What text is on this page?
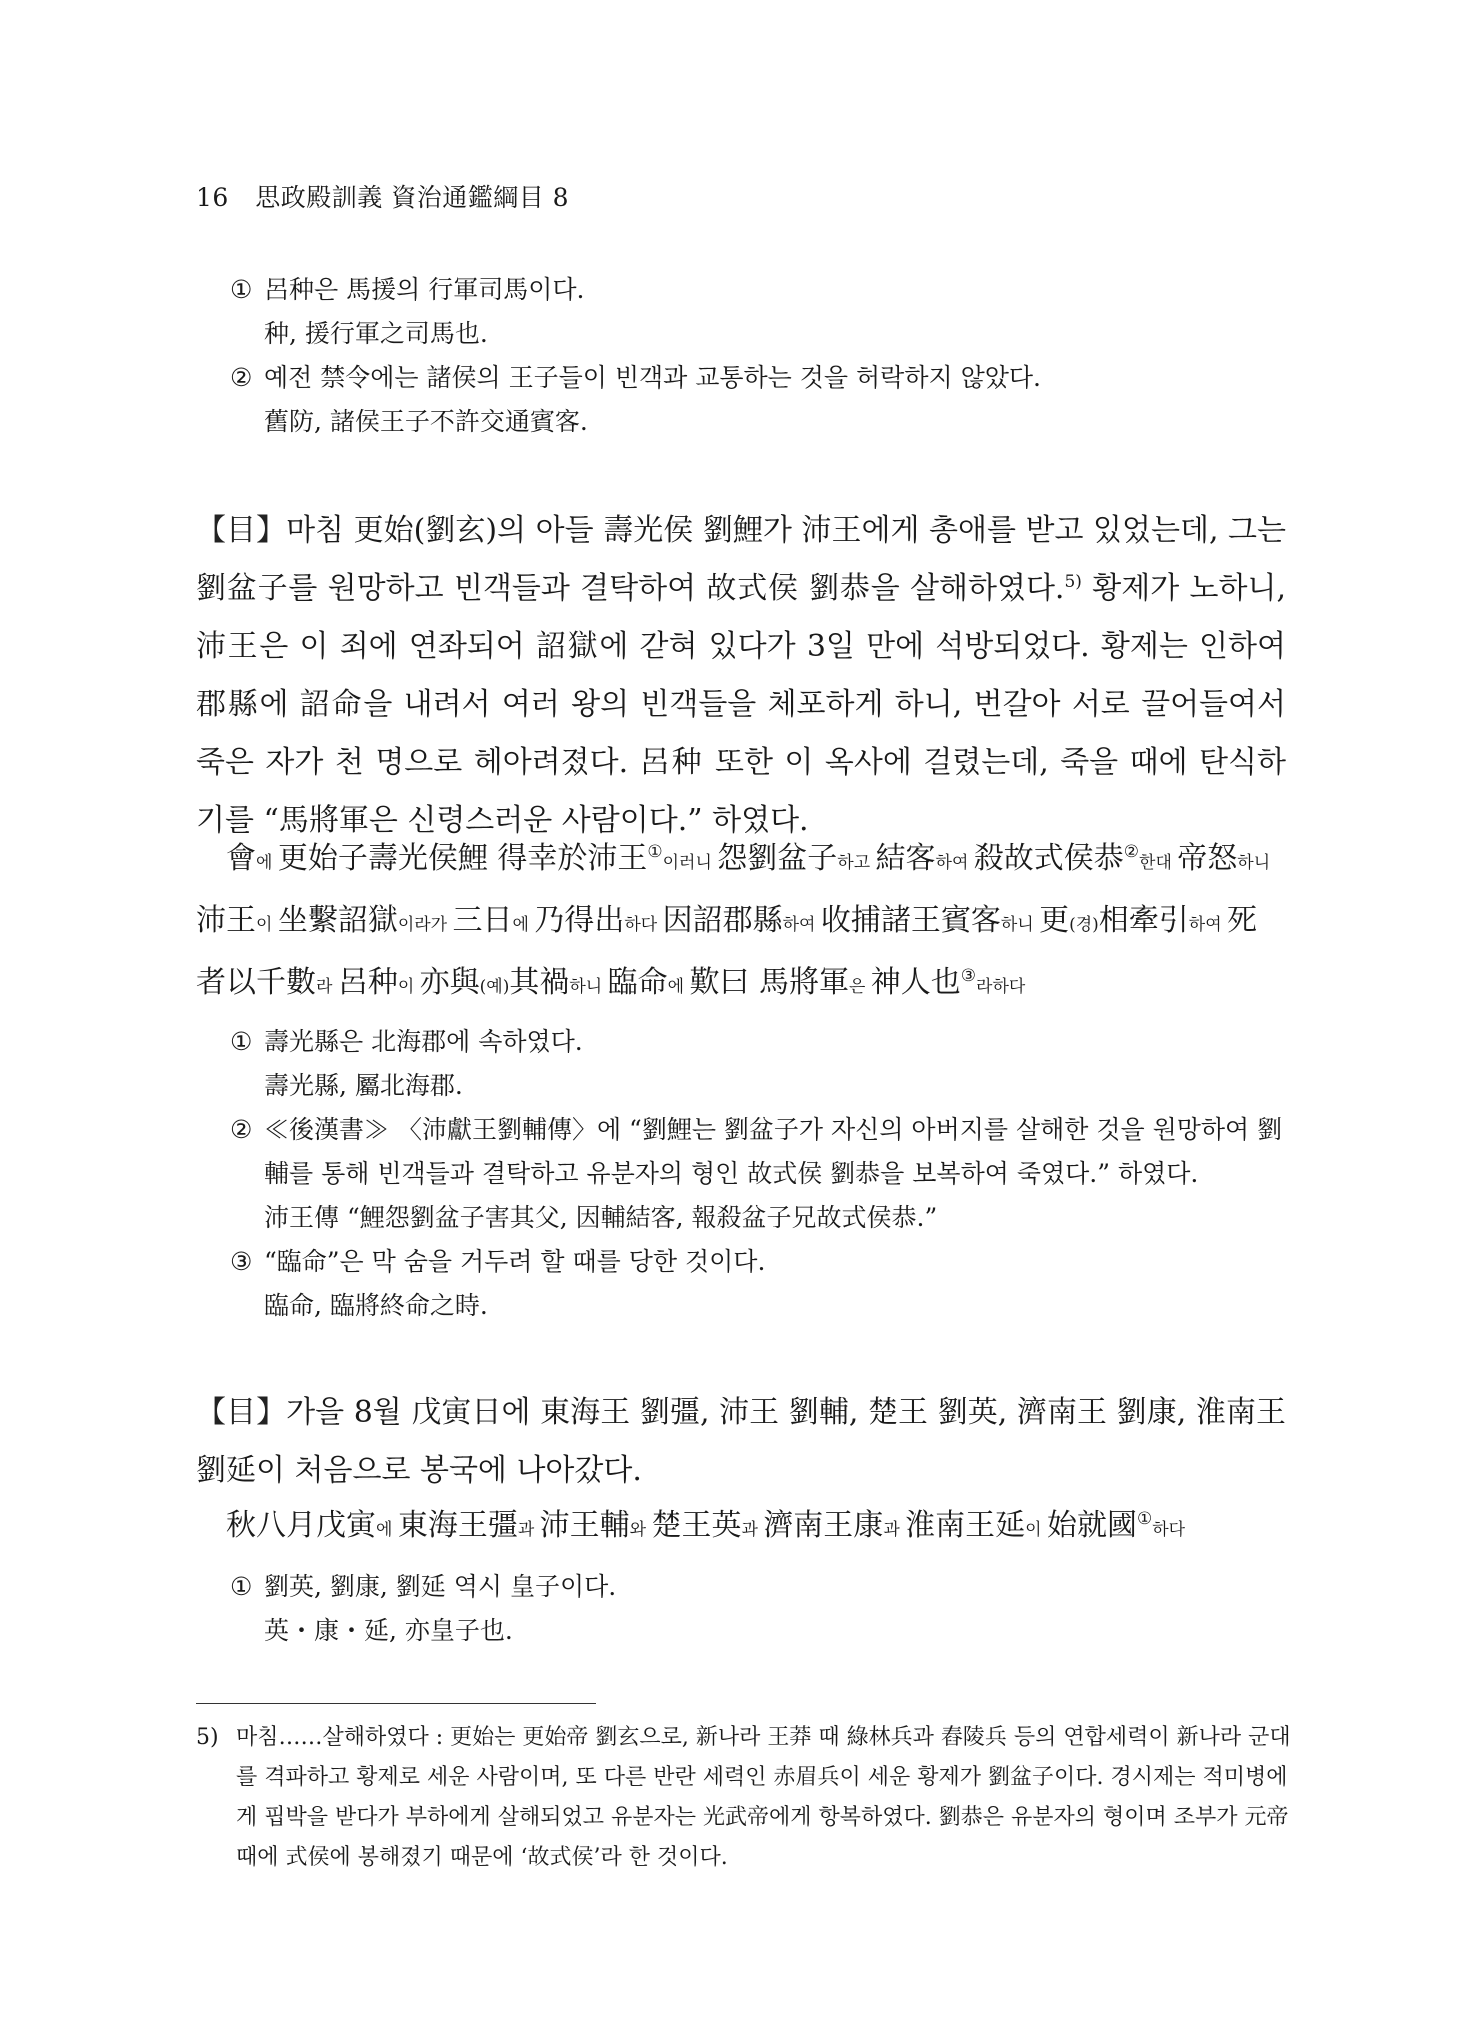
16 思政殿訓義 資治通鑑綱目 8

① 呂种은 馬援의 行軍司馬이다.
种, 援行軍之司馬也.

② 예전 禁令에는 諸侯의 王子들이 빈객과 교통하는 것을 허락하지 않았다.
舊防, 諸侯王子不許交通賓客.

【目】마침 更始(劉玄)의 아들 壽光侯 劉鯉가 沛王에게 총애를 받고 있었는데, 그는 劉盆子를 원망하고 빈객들과 결탁하여 故式侯 劉恭을 살해하였다.$^{5)}$ 황제가 노하니, 沛王은 이 죄에 연좌되어 詔獄에 갇혀 있다가 3일 만에 석방되었다. 황제는 인하여 郡縣에 詔命을 내려서 여러 왕의 빈객들을 체포하게 하니, 번갈아 서로 끌어들여서 죽은 자가 천 명으로 헤아려졌다. 呂种 또한 이 옥사에 걸렸는데, 죽을 때에 탄식하기를 “馬將軍은 신령스러운 사람이다.” 하였다.

會에 更始子壽光侯鯉 得幸於沛王①이러니 怨劉盆子하고 結客하여 殺故式侯恭②한대 帝怒하니 沛王이 坐繫詔獄이라가 三日에 乃得出하다 因詔郡縣하여 收捕諸王賓客하니 更(경)相牽引하여 死者以千數라 呂种이 亦與(예)其禍하니 臨命에 歎曰 馬將軍은 神人也③라하다

① 壽光縣은 北海郡에 속하였다.
壽光縣, 屬北海郡.

② ≪後漢書≫ 〈沛獻王劉輔傳〉에 “劉鯉는 劉盆子가 자신의 아버지를 살해한 것을 원망하여 劉輔를 통해 빈객들과 결탁하고 유분자의 형인 故式侯 劉恭을 보복하여 죽였다.” 하였다.
沛王傳 “鯉怨劉盆子害其父, 因輔結客, 報殺盆子兄故式侯恭.”

③ “臨命”은 막 숨을 거두려 할 때를 당한 것이다.
臨命, 臨將終命之時.

【目】가을 8월 戊寅日에 東海王 劉彊, 沛王 劉輔, 楚王 劉英, 濟南王 劉康, 淮南王 劉延이 처음으로 봉국에 나아갔다.

秋八月戊寅에 東海王彊과 沛王輔와 楚王英과 濟南王康과 淮南王延이 始就國①하다

① 劉英, 劉康, 劉延 역시 皇子이다.
英・康・延, 亦皇子也.

5) 마침……살해하였다 : 更始는 更始帝 劉玄으로, 新나라 王莽 때 綠林兵과 舂陵兵 등의 연합세력이 新나라 군대를 격파하고 황제로 세운 사람이며, 또 다른 반란 세력인 赤眉兵이 세운 황제가 劉盆子이다. 경시제는 적미병에게 핍박을 받다가 부하에게 살해되었고 유분자는 光武帝에게 항복하였다. 劉恭은 유분자의 형이며 조부가 元帝 때에 式侯에 봉해졌기 때문에 ‘故式侯’라 한 것이다.
